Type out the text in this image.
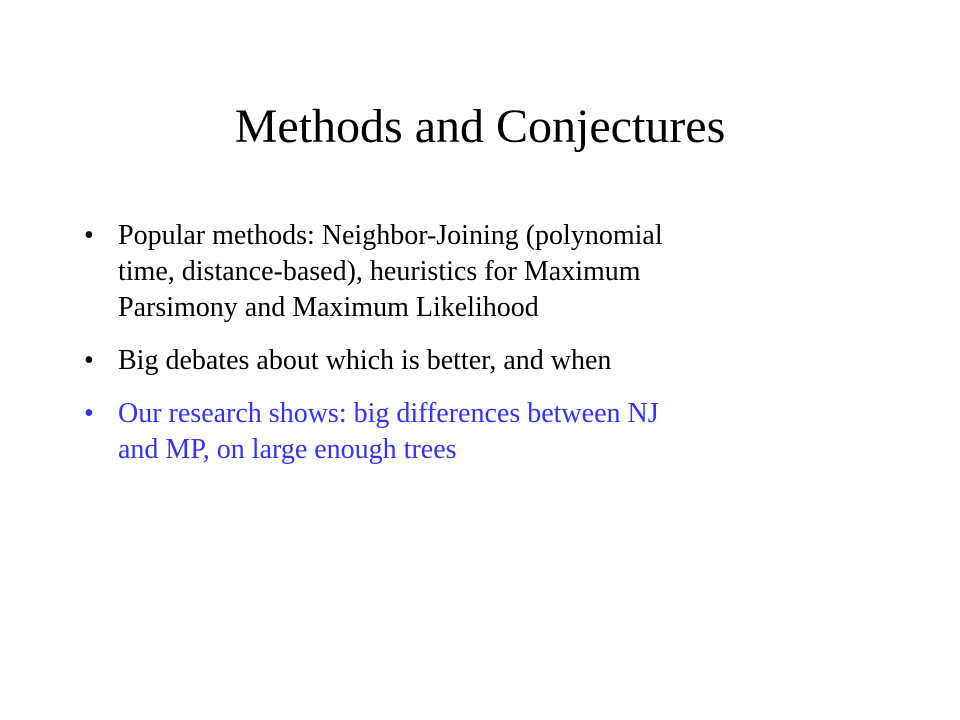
Methods and Conjectures
• Popular methods: Neighbor-Joining (polynomial
time, distance-based), heuristics for Maximum
Parsimony and Maximum Likelihood
• Big debates about which is better, and when
• Our research shows: big differences between NJ
and MP, on large enough trees
